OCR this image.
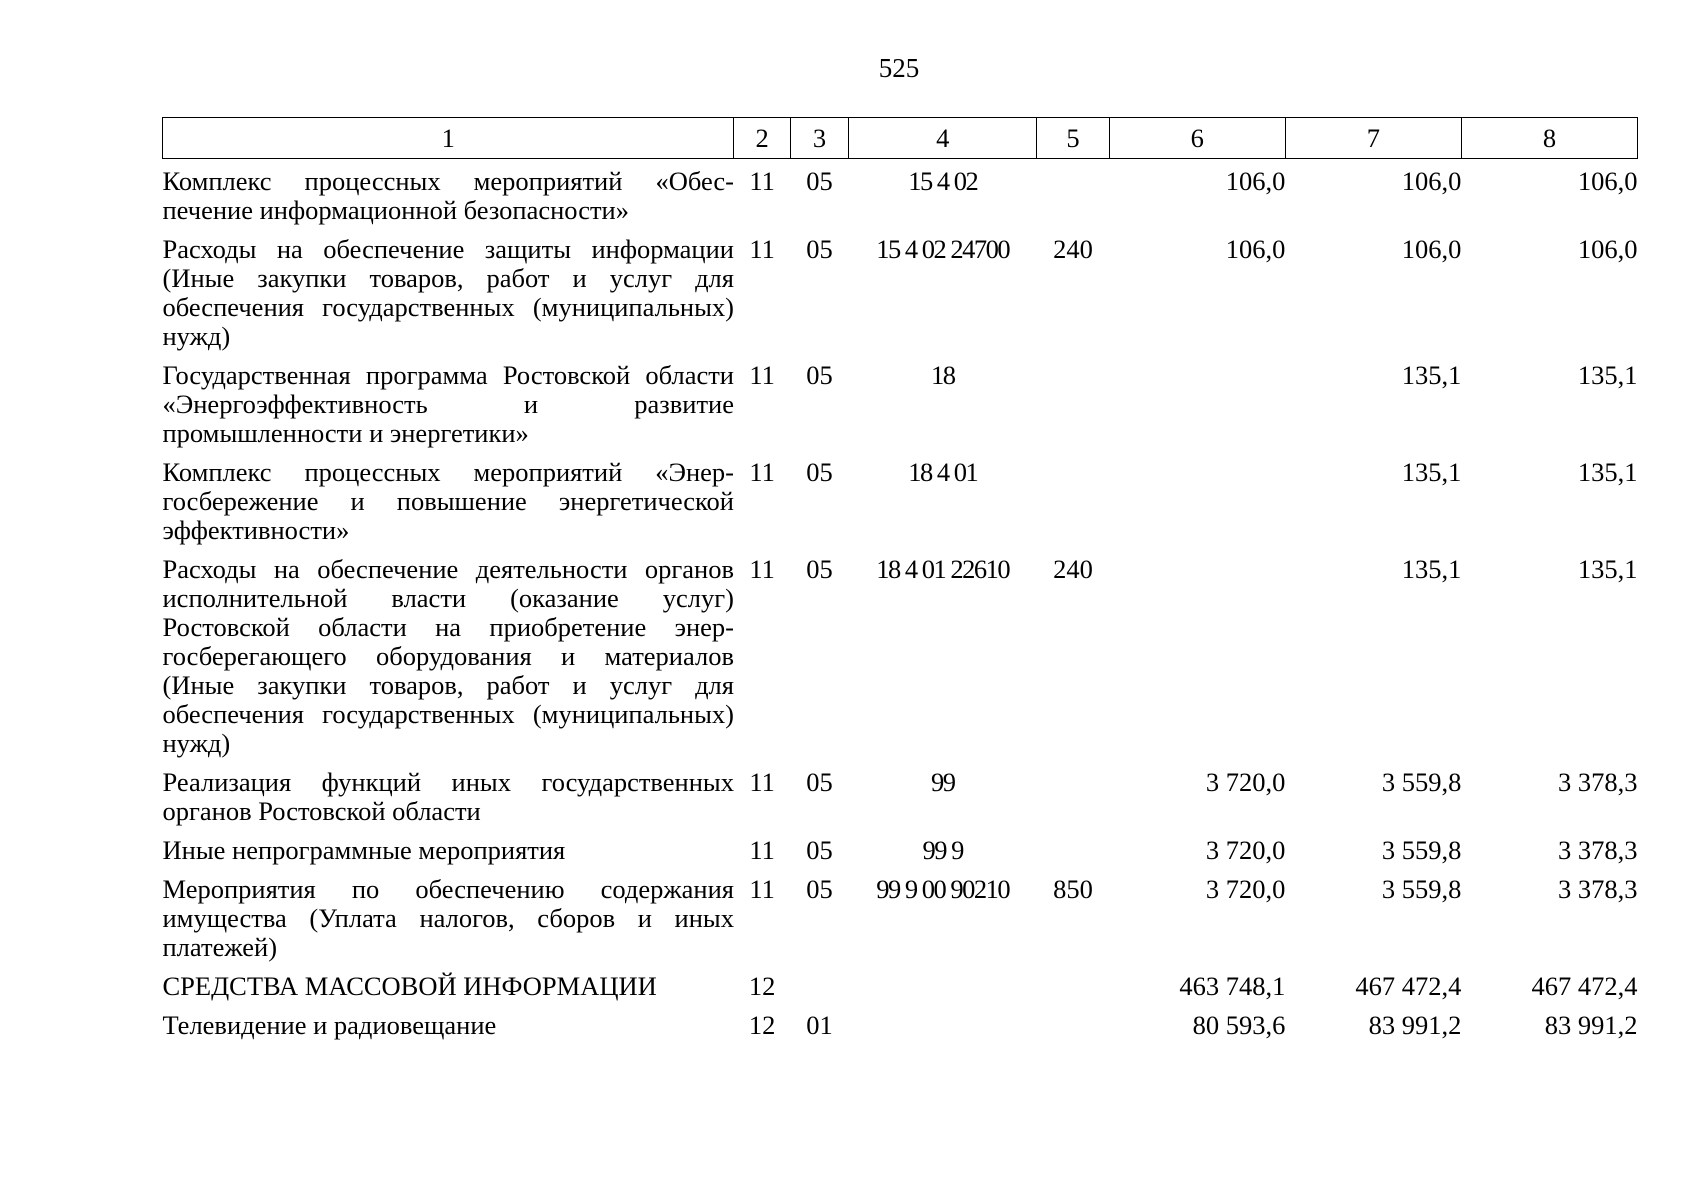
525
1	2	3	4	5	6	7	8
Комплекс процессных мероприятий «Обеспечение информационной безопасности»	11	05	15 4 02		106,0	106,0	106,0
Расходы на обеспечение защиты информации (Иные закупки товаров, работ и услуг для обеспечения государственных (муниципальных) нужд)	11	05	15 4 02 24700	240	106,0	106,0	106,0
Государственная программа Ростовской области «Энергоэффективность и развитие промышленности и энергетики»	11	05	18			135,1	135,1
Комплекс процессных мероприятий «Энергосбережение и повышение энергетической эффективности»	11	05	18 4 01			135,1	135,1
Расходы на обеспечение деятельности органов исполнительной власти (оказание услуг) Ростовской области на приобретение энергосберегающего оборудования и материалов (Иные закупки товаров, работ и услуг для обеспечения государственных (муниципальных) нужд)	11	05	18 4 01 22610	240		135,1	135,1
Реализация функций иных государственных органов Ростовской области	11	05	99		3 720,0	3 559,8	3 378,3
Иные непрограммные мероприятия	11	05	99 9		3 720,0	3 559,8	3 378,3
Мероприятия по обеспечению содержания имущества (Уплата налогов, сборов и иных платежей)	11	05	99 9 00 90210	850	3 720,0	3 559,8	3 378,3
СРЕДСТВА МАССОВОЙ ИНФОРМАЦИИ	12				463 748,1	467 472,4	467 472,4
Телевидение и радиовещание	12	01			80 593,6	83 991,2	83 991,2
